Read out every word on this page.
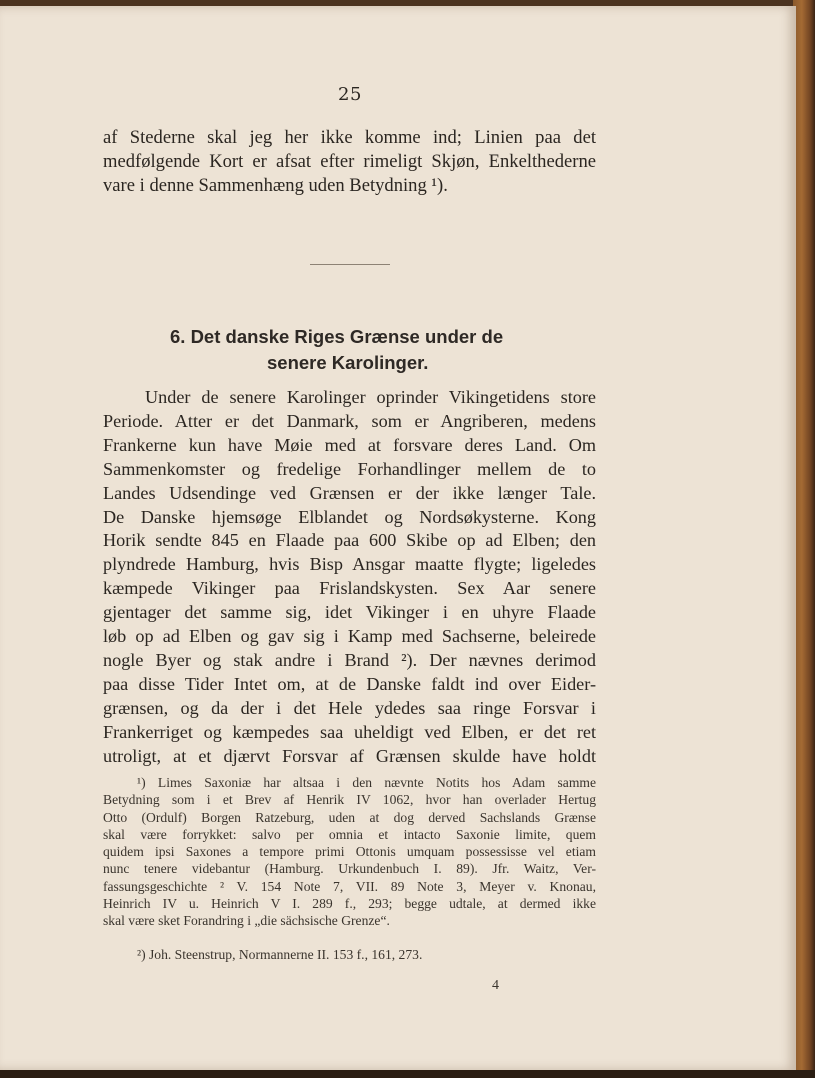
25
af Stederne skal jeg her ikke komme ind; Linien paa det
medfølgende Kort er afsat efter rimeligt Skjøn, Enkelthederne
vare i denne Sammenhæng uden Betydning ¹).
6. Det danske Riges Grænse under de
senere Karolinger.
Under de senere Karolinger oprinder Vikingetidens store
Periode. Atter er det Danmark, som er Angriberen, medens
Frankerne kun have Møie med at forsvare deres Land. Om
Sammenkomster og fredelige Forhandlinger mellem de to
Landes Udsendinge ved Grænsen er der ikke længer Tale.
De Danske hjemsøge Elblandet og Nordsøkysterne. Kong
Horik sendte 845 en Flaade paa 600 Skibe op ad Elben; den
plyndrede Hamburg, hvis Bisp Ansgar maatte flygte; ligeledes
kæmpede Vikinger paa Frislandskysten. Sex Aar senere
gjentager det samme sig, idet Vikinger i en uhyre Flaade
løb op ad Elben og gav sig i Kamp med Sachserne, beleirede
nogle Byer og stak andre i Brand ²). Der nævnes derimod
paa disse Tider Intet om, at de Danske faldt ind over Eider-
grænsen, og da der i det Hele ydedes saa ringe Forsvar i
Frankerriget og kæmpedes saa uheldigt ved Elben, er det ret
utroligt, at et djærvt Forsvar af Grænsen skulde have holdt
¹) Limes Saxoniæ har altsaa i den nævnte Notits hos Adam samme
Betydning som i et Brev af Henrik IV 1062, hvor han overlader Hertug
Otto (Ordulf) Borgen Ratzeburg, uden at dog derved Sachslands Grænse
skal være forrykket: salvo per omnia et intacto Saxonie limite, quem
quidem ipsi Saxones a tempore primi Ottonis umquam possessisse vel etiam
nunc tenere videbantur (Hamburg. Urkundenbuch I. 89). Jfr. Waitz, Ver-
fassungsgeschichte ² V. 154 Note 7, VII. 89 Note 3, Meyer v. Knonau,
Heinrich IV u. Heinrich V I. 289 f., 293; begge udtale, at dermed ikke
skal være sket Forandring i „die sächsische Grenze“.
²) Joh. Steenstrup, Normannerne II. 153 f., 161, 273.
4
